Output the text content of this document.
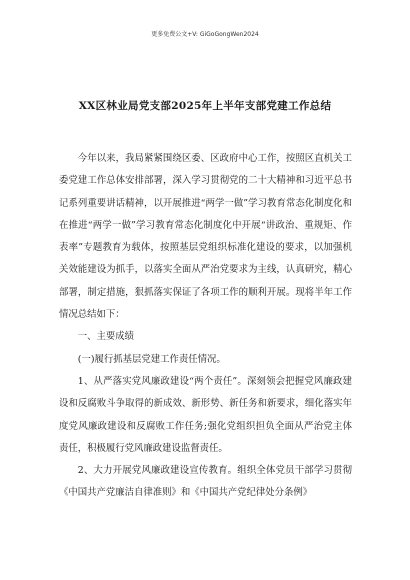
更多免费公文+V: GiGoGongWen2024
XX区林业局党支部2025年上半年支部党建工作总结

今年以来，我局紧紧围绕区委、区政府中心工作，按照区直机关工委党建工作总体安排部署，深入学习贯彻党的二十大精神和习近平总书记系列重要讲话精神，以开展推进“两学一做”学习教育常态化制度化和在推进“两学一做”学习教育常态化制度化中开展“讲政治、重规矩、作表率”专题教育为载体，按照基层党组织标准化建设的要求，以加强机关效能建设为抓手，以落实全面从严治党要求为主线，认真研究，精心部署，制定措施，狠抓落实保证了各项工作的顺利开展。现将半年工作情况总结如下：

一、主要成绩

(一)履行抓基层党建工作责任情况。

1、从严落实党风廉政建设“两个责任”。深刻领会把握党风廉政建设和反腐败斗争取得的新成效、新形势、新任务和新要求，细化落实年度党风廉政建设和反腐败工作任务;强化党组织担负全面从严治党主体责任，积极履行党风廉政建设监督责任。

2、大力开展党风廉政建设宣传教育。组织全体党员干部学习贯彻《中国共产党廉洁自律准则》和《中国共产党纪律处分条例》
